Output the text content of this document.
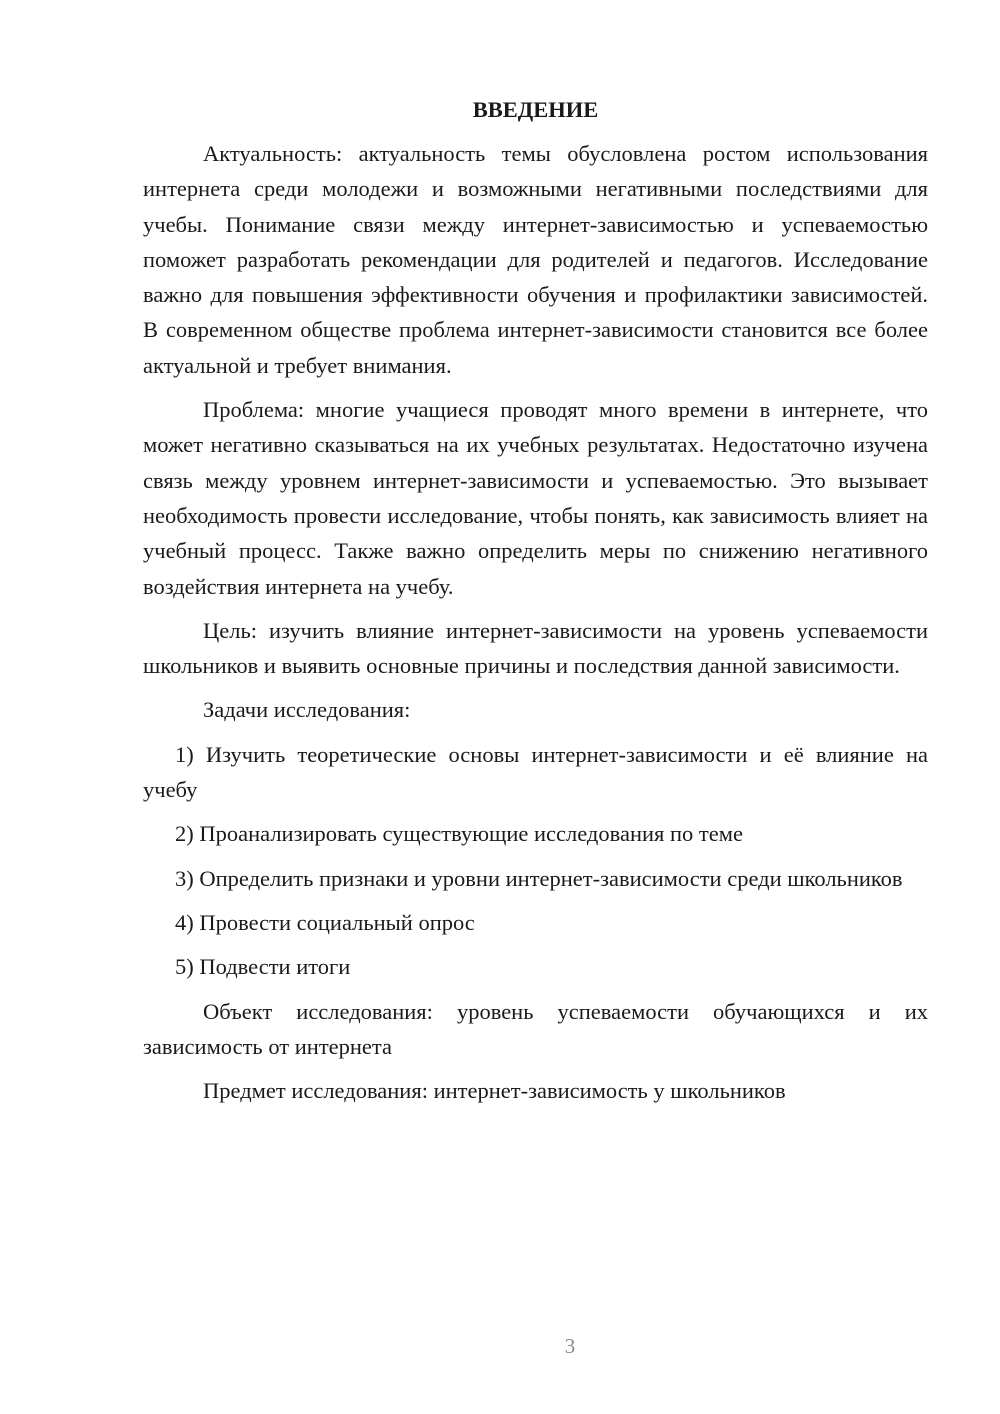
ВВЕДЕНИЕ

Актуальность: актуальность темы обусловлена ростом использования интернета среди молодежи и возможными негативными последствиями для учебы. Понимание связи между интернет-зависимостью и успеваемостью поможет разработать рекомендации для родителей и педагогов. Исследование важно для повышения эффективности обучения и профилактики зависимостей. В современном обществе проблема интернет-зависимости становится все более актуальной и требует внимания.

Проблема: многие учащиеся проводят много времени в интернете, что может негативно сказываться на их учебных результатах. Недостаточно изучена связь между уровнем интернет-зависимости и успеваемостью. Это вызывает необходимость провести исследование, чтобы понять, как зависимость влияет на учебный процесс. Также важно определить меры по снижению негативного воздействия интернета на учебу.

Цель: изучить влияние интернет-зависимости на уровень успеваемости школьников и выявить основные причины и последствия данной зависимости.

Задачи исследования:

1) Изучить теоретические основы интернет-зависимости и её влияние на учебу

2) Проанализировать существующие исследования по теме

3) Определить признаки и уровни интернет-зависимости среди школьников

4) Провести социальный опрос

5) Подвести итоги

Объект исследования: уровень успеваемости обучающихся и их зависимость от интернета

Предмет исследования: интернет-зависимость у школьников

3
